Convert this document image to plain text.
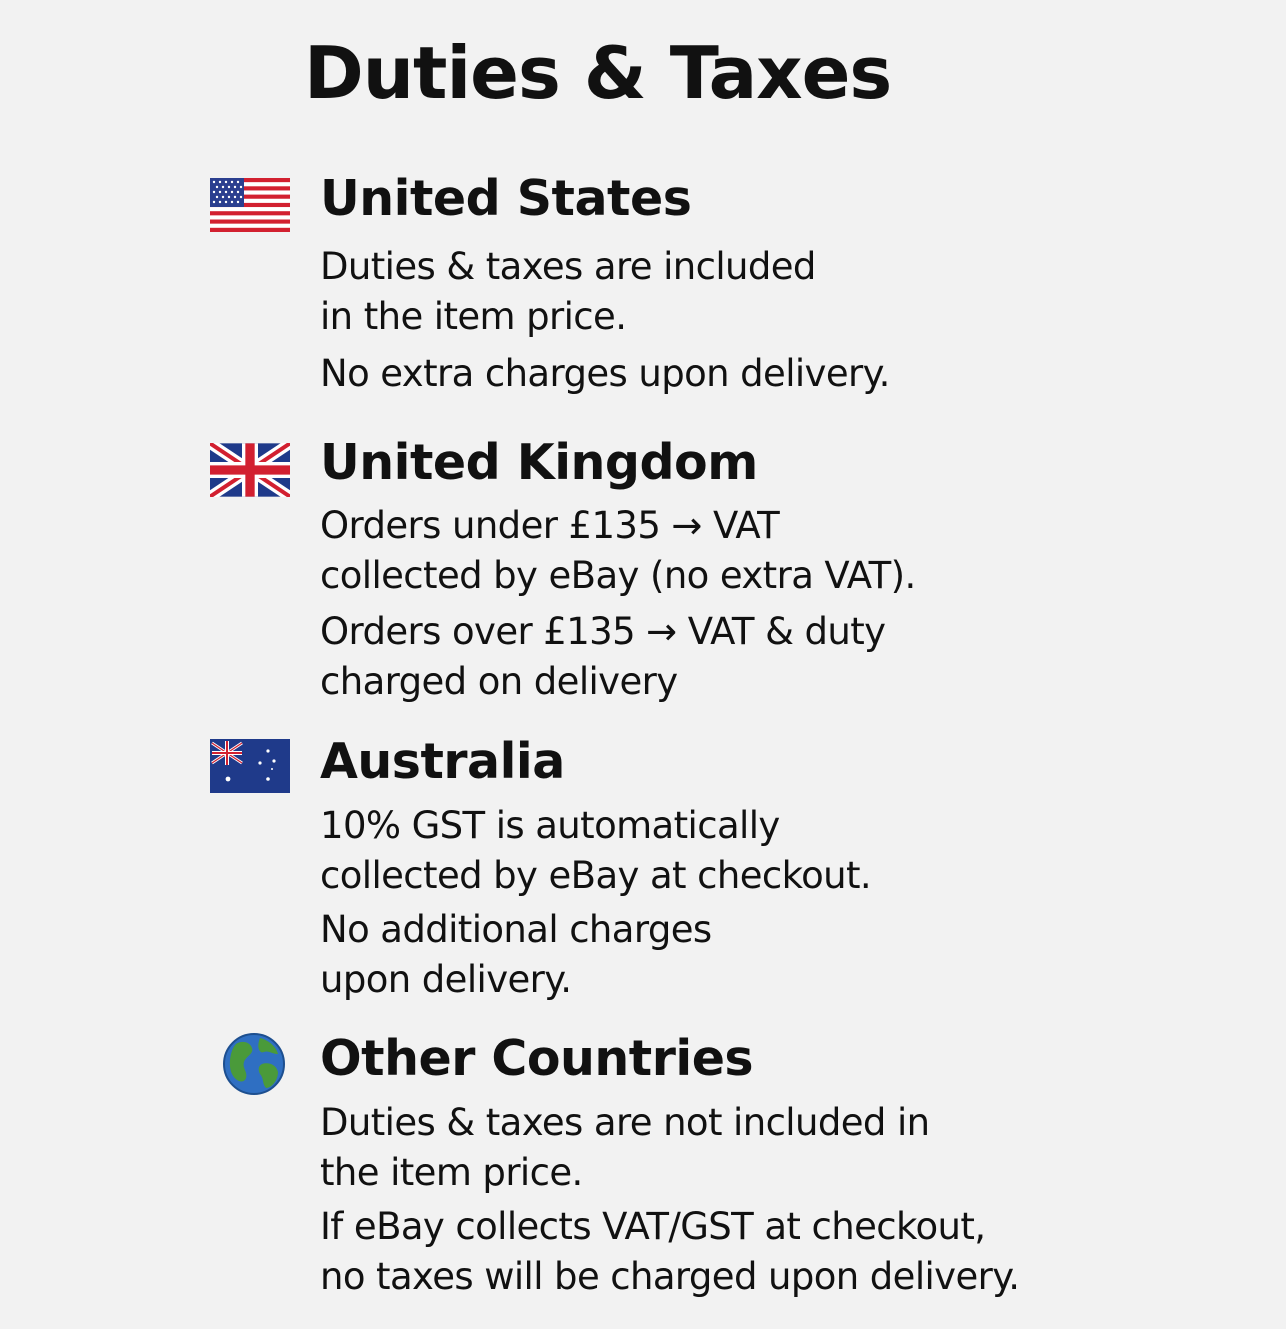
Duties & Taxes
United States
Duties & taxes are included
in the item price.
No extra charges upon delivery.
United Kingdom
Orders under £135 → VAT
collected by eBay (no extra VAT).
Orders over £135 → VAT & duty
charged on delivery
Australia
10% GST is automatically
collected by eBay at checkout.
No additional charges
upon delivery.
Other Countries
Duties & taxes are not included in
the item price.
If eBay collects VAT/GST at checkout,
no taxes will be charged upon delivery.
